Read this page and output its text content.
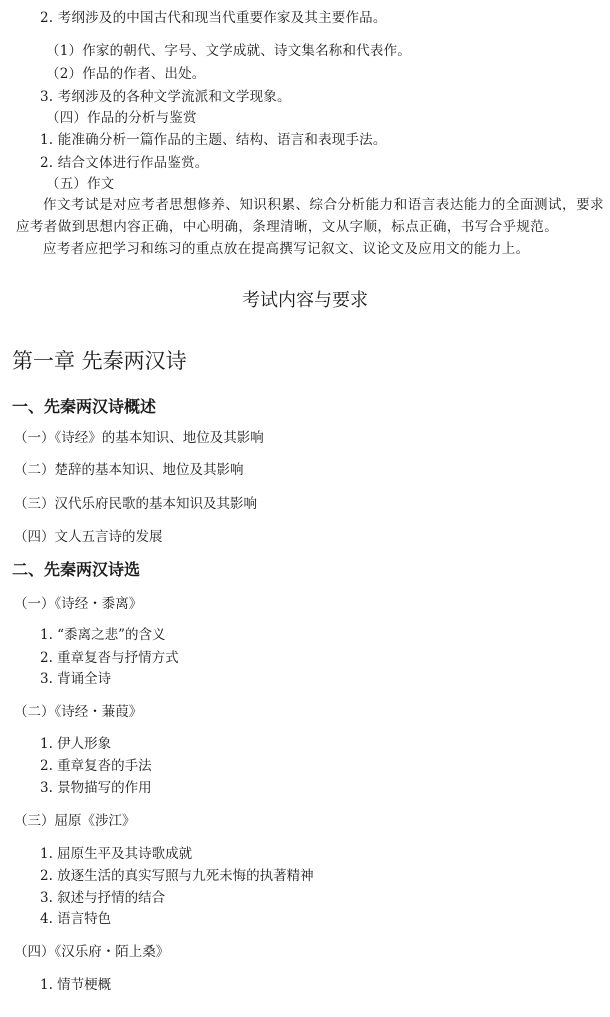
2. 考纲涉及的中国古代和现当代重要作家及其主要作品。
（1）作家的朝代、字号、文学成就、诗文集名称和代表作。
（2）作品的作者、出处。
3. 考纲涉及的各种文学流派和文学现象。
（四）作品的分析与鉴赏
1. 能准确分析一篇作品的主题、结构、语言和表现手法。
2. 结合文体进行作品鉴赏。
（五）作文
作文考试是对应考者思想修养、知识积累、综合分析能力和语言表达能力的全面测试，要求应考者做到思想内容正确，中心明确，条理清晰，文从字顺，标点正确，书写合乎规范。
应考者应把学习和练习的重点放在提高撰写记叙文、议论文及应用文的能力上。
考试内容与要求
第一章 先秦两汉诗
一、先秦两汉诗概述
（一）《诗经》的基本知识、地位及其影响
（二）楚辞的基本知识、地位及其影响
（三）汉代乐府民歌的基本知识及其影响
（四）文人五言诗的发展
二、先秦两汉诗选
（一）《诗经・黍离》
1. “黍离之悲”的含义
2. 重章复沓与抒情方式
3. 背诵全诗
（二）《诗经・蒹葭》
1. 伊人形象
2. 重章复沓的手法
3. 景物描写的作用
（三）屈原《涉江》
1. 屈原生平及其诗歌成就
2. 放逐生活的真实写照与九死未悔的执著精神
3. 叙述与抒情的结合
4. 语言特色
（四）《汉乐府・陌上桑》
1. 情节梗概
